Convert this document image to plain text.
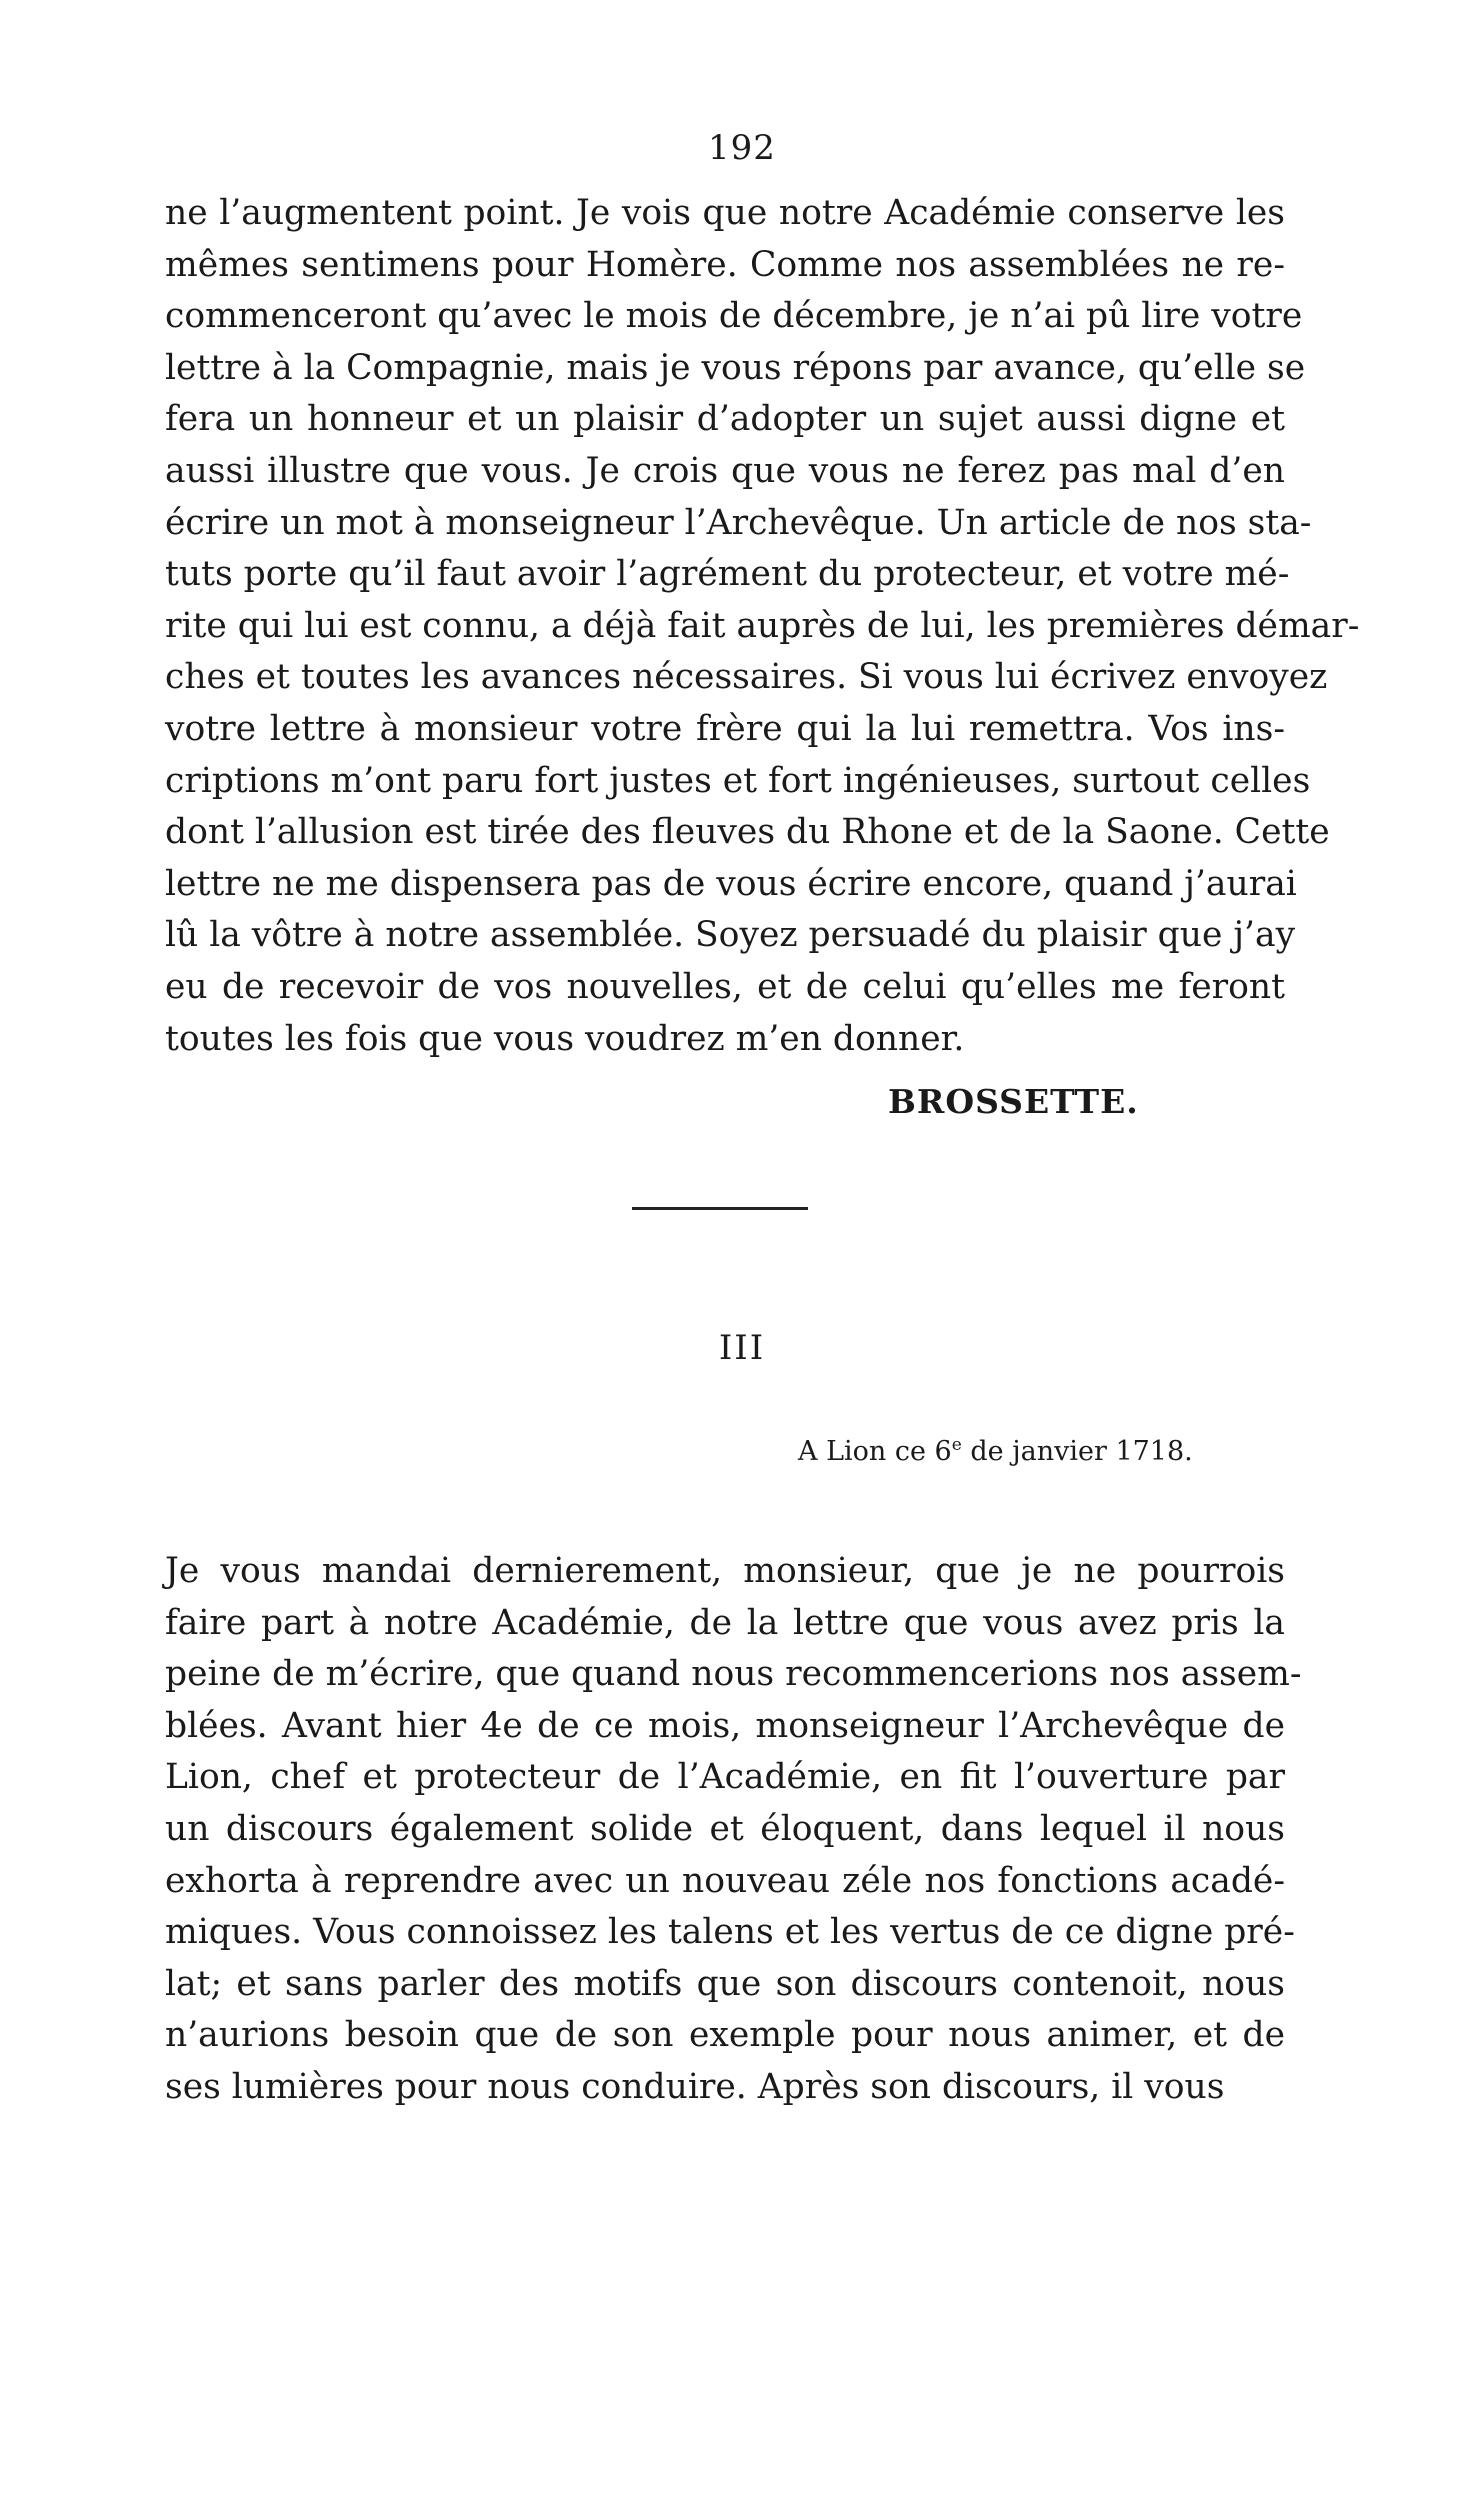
192
ne l’augmentent point. Je vois que notre Académie conserve les
mêmes sentimens pour Homère. Comme nos assemblées ne re-
commenceront qu’avec le mois de décembre, je n’ai pû lire votre
lettre à la Compagnie, mais je vous répons par avance, qu’elle se
fera un honneur et un plaisir d’adopter un sujet aussi digne et
aussi illustre que vous. Je crois que vous ne ferez pas mal d’en
écrire un mot à monseigneur l’Archevêque. Un article de nos sta-
tuts porte qu’il faut avoir l’agrément du protecteur, et votre mé-
rite qui lui est connu, a déjà fait auprès de lui, les premières démar-
ches et toutes les avances nécessaires. Si vous lui écrivez envoyez
votre lettre à monsieur votre frère qui la lui remettra. Vos ins-
criptions m’ont paru fort justes et fort ingénieuses, surtout celles
dont l’allusion est tirée des fleuves du Rhone et de la Saone. Cette
lettre ne me dispensera pas de vous écrire encore, quand j’aurai
lû la vôtre à notre assemblée. Soyez persuadé du plaisir que j’ay
eu de recevoir de vos nouvelles, et de celui qu’elles me feront
toutes les fois que vous voudrez m’en donner.
BROSSETTE.
III
A Lion ce 6e de janvier 1718.
Je vous mandai dernierement, monsieur, que je ne pourrois
faire part à notre Académie, de la lettre que vous avez pris la
peine de m’écrire, que quand nous recommencerions nos assem-
blées. Avant hier 4e de ce mois, monseigneur l’Archevêque de
Lion, chef et protecteur de l’Académie, en fit l’ouverture par
un discours également solide et éloquent, dans lequel il nous
exhorta à reprendre avec un nouveau zéle nos fonctions acadé-
miques. Vous connoissez les talens et les vertus de ce digne pré-
lat; et sans parler des motifs que son discours contenoit, nous
n’aurions besoin que de son exemple pour nous animer, et de
ses lumières pour nous conduire. Après son discours, il vous
